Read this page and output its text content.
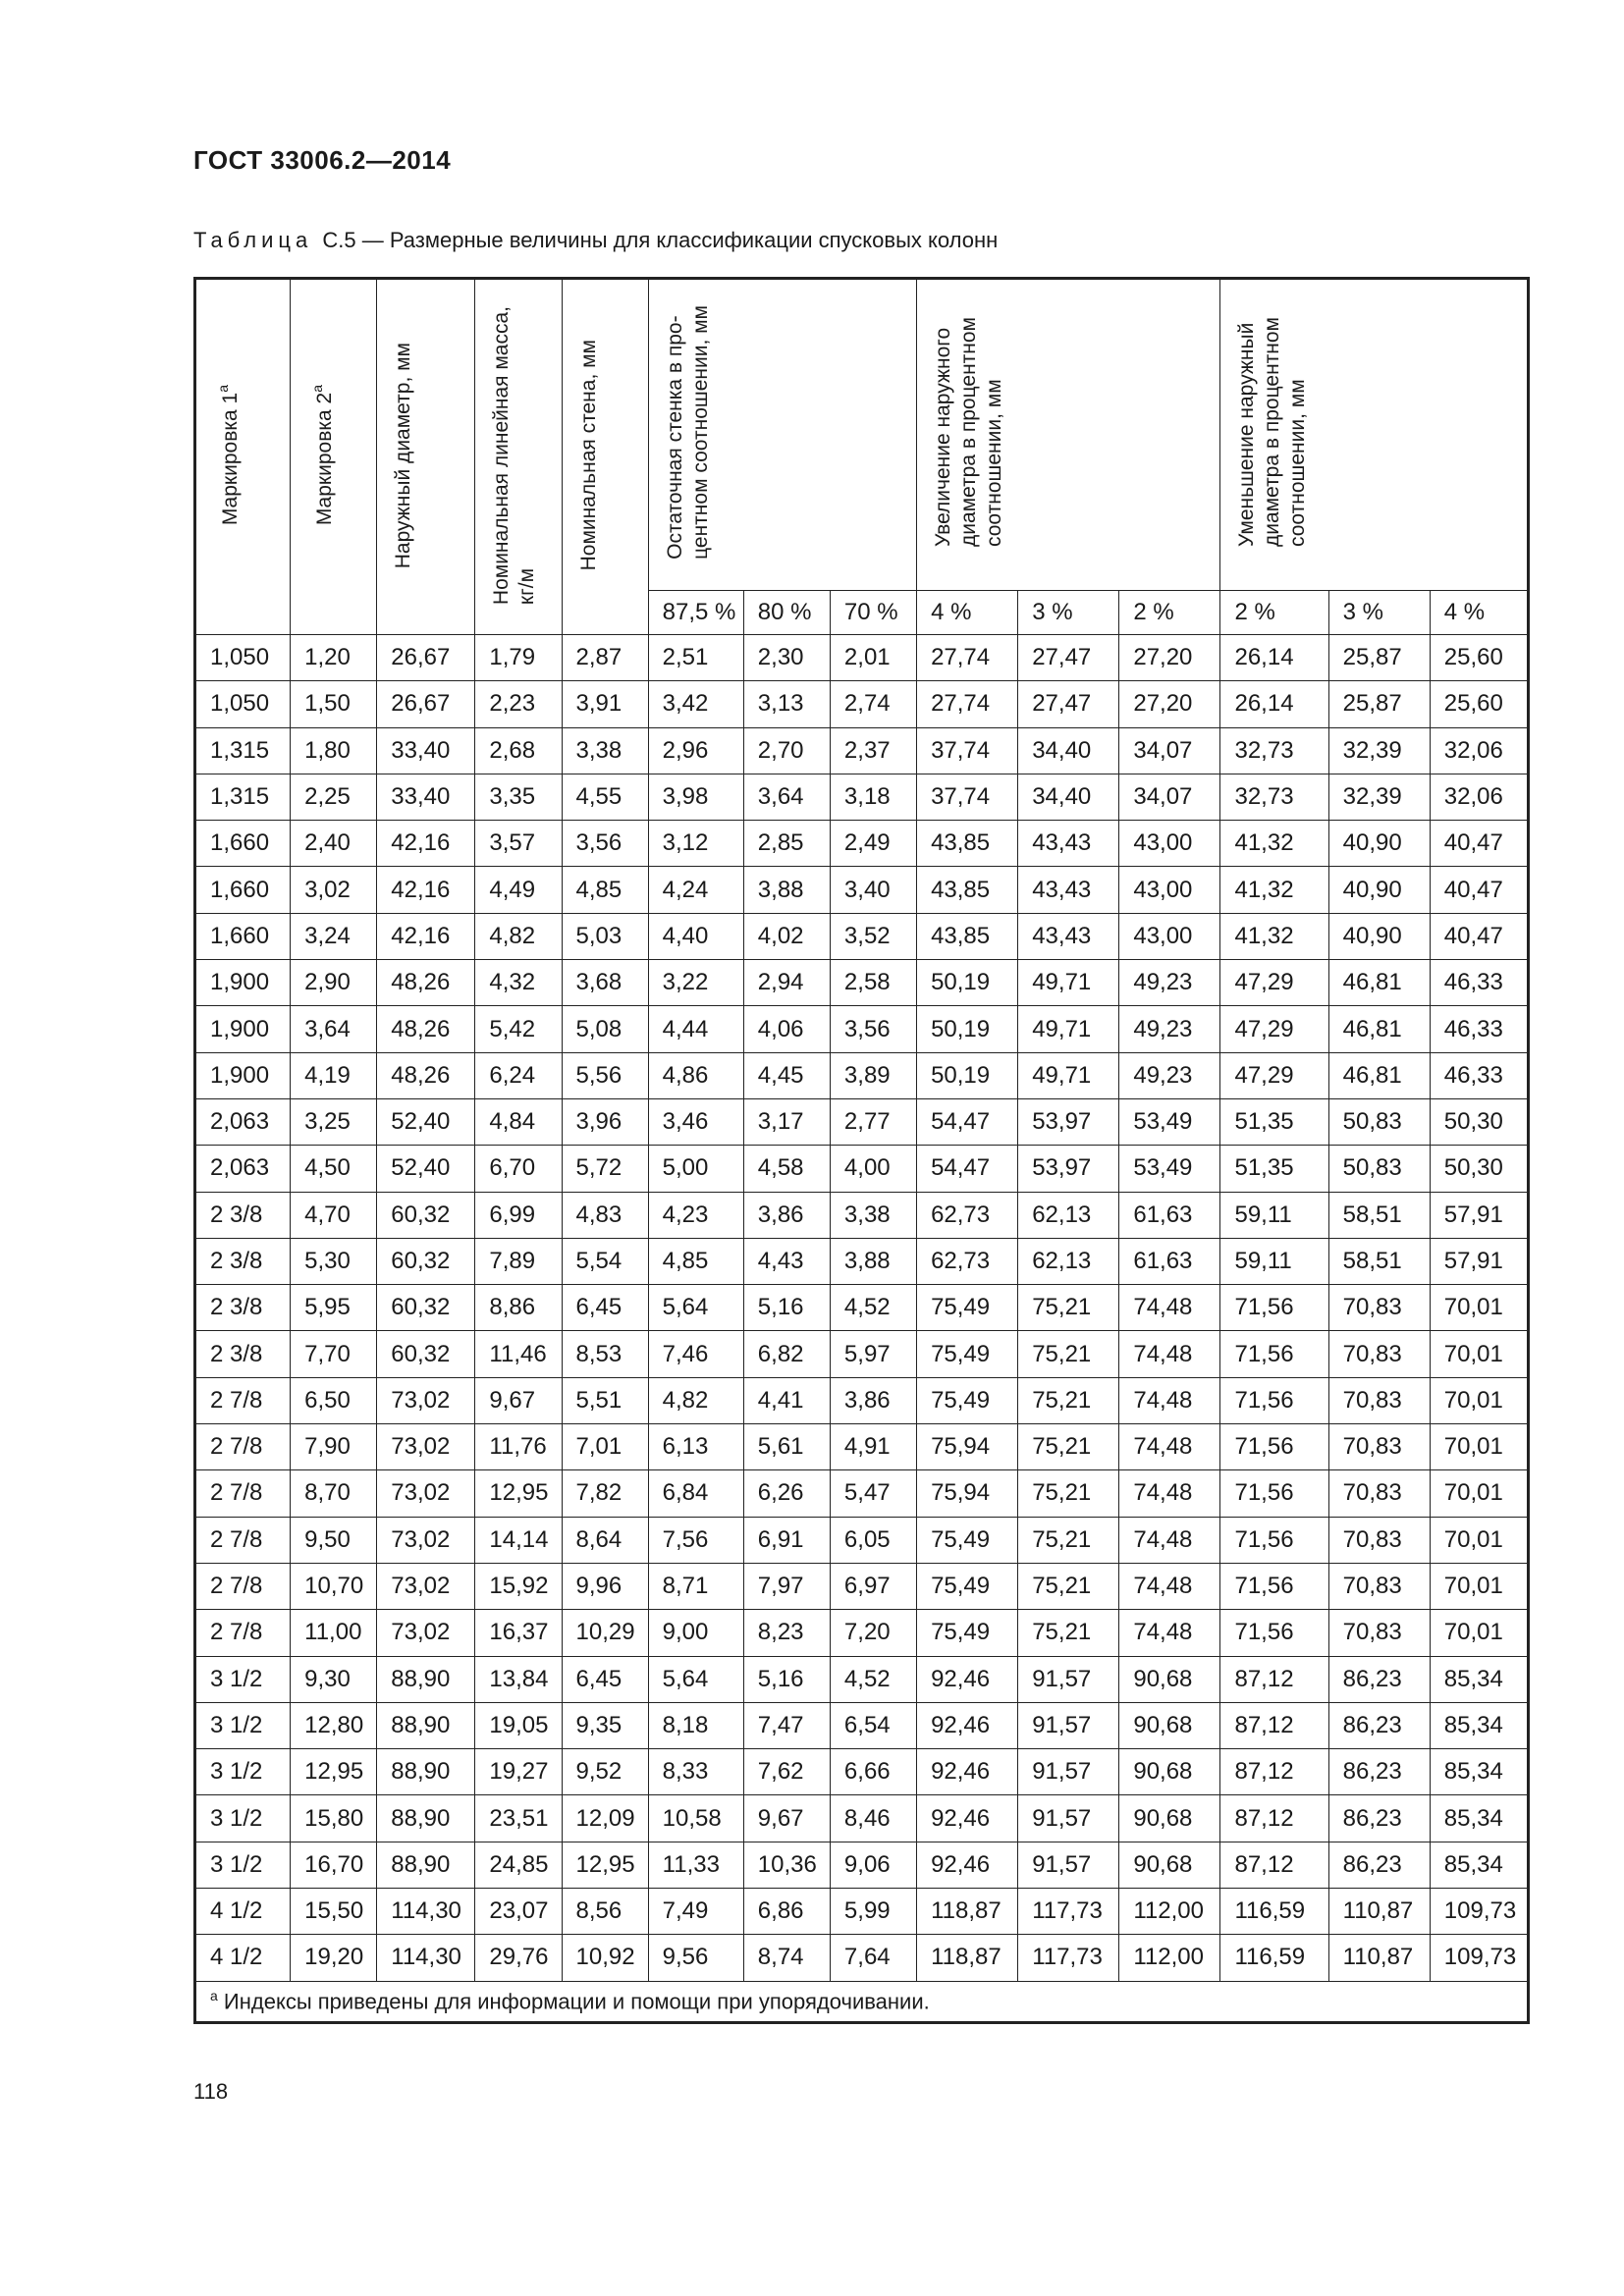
ГОСТ 33006.2—2014
Таблица С.5 — Размерные величины для классификации спусковых колонн
Маркировка 1$^a$	Маркировка 2$^a$	Наружный диаметр, мм	Номинальная линейная масса,
кг/м	Номинальная стена, мм	Остаточная стенка в про-
центном соотношении, мм			Увеличение наружного
диаметра в процентном
соотношении, мм			Уменьшение наружный
диаметра в процентном
соотношении, мм		
					87,5 %	80 %	70 %	4 %	3 %	2 %	2 %	3 %	4 %
1,050	1,20	26,67	1,79	2,87	2,51	2,30	2,01	27,74	27,47	27,20	26,14	25,87	25,60
1,050	1,50	26,67	2,23	3,91	3,42	3,13	2,74	27,74	27,47	27,20	26,14	25,87	25,60
1,315	1,80	33,40	2,68	3,38	2,96	2,70	2,37	37,74	34,40	34,07	32,73	32,39	32,06
1,315	2,25	33,40	3,35	4,55	3,98	3,64	3,18	37,74	34,40	34,07	32,73	32,39	32,06
1,660	2,40	42,16	3,57	3,56	3,12	2,85	2,49	43,85	43,43	43,00	41,32	40,90	40,47
1,660	3,02	42,16	4,49	4,85	4,24	3,88	3,40	43,85	43,43	43,00	41,32	40,90	40,47
1,660	3,24	42,16	4,82	5,03	4,40	4,02	3,52	43,85	43,43	43,00	41,32	40,90	40,47
1,900	2,90	48,26	4,32	3,68	3,22	2,94	2,58	50,19	49,71	49,23	47,29	46,81	46,33
1,900	3,64	48,26	5,42	5,08	4,44	4,06	3,56	50,19	49,71	49,23	47,29	46,81	46,33
1,900	4,19	48,26	6,24	5,56	4,86	4,45	3,89	50,19	49,71	49,23	47,29	46,81	46,33
2,063	3,25	52,40	4,84	3,96	3,46	3,17	2,77	54,47	53,97	53,49	51,35	50,83	50,30
2,063	4,50	52,40	6,70	5,72	5,00	4,58	4,00	54,47	53,97	53,49	51,35	50,83	50,30
2 3/8	4,70	60,32	6,99	4,83	4,23	3,86	3,38	62,73	62,13	61,63	59,11	58,51	57,91
2 3/8	5,30	60,32	7,89	5,54	4,85	4,43	3,88	62,73	62,13	61,63	59,11	58,51	57,91
2 3/8	5,95	60,32	8,86	6,45	5,64	5,16	4,52	75,49	75,21	74,48	71,56	70,83	70,01
2 3/8	7,70	60,32	11,46	8,53	7,46	6,82	5,97	75,49	75,21	74,48	71,56	70,83	70,01
2 7/8	6,50	73,02	9,67	5,51	4,82	4,41	3,86	75,49	75,21	74,48	71,56	70,83	70,01
2 7/8	7,90	73,02	11,76	7,01	6,13	5,61	4,91	75,94	75,21	74,48	71,56	70,83	70,01
2 7/8	8,70	73,02	12,95	7,82	6,84	6,26	5,47	75,94	75,21	74,48	71,56	70,83	70,01
2 7/8	9,50	73,02	14,14	8,64	7,56	6,91	6,05	75,49	75,21	74,48	71,56	70,83	70,01
2 7/8	10,70	73,02	15,92	9,96	8,71	7,97	6,97	75,49	75,21	74,48	71,56	70,83	70,01
2 7/8	11,00	73,02	16,37	10,29	9,00	8,23	7,20	75,49	75,21	74,48	71,56	70,83	70,01
3 1/2	9,30	88,90	13,84	6,45	5,64	5,16	4,52	92,46	91,57	90,68	87,12	86,23	85,34
3 1/2	12,80	88,90	19,05	9,35	8,18	7,47	6,54	92,46	91,57	90,68	87,12	86,23	85,34
3 1/2	12,95	88,90	19,27	9,52	8,33	7,62	6,66	92,46	91,57	90,68	87,12	86,23	85,34
3 1/2	15,80	88,90	23,51	12,09	10,58	9,67	8,46	92,46	91,57	90,68	87,12	86,23	85,34
3 1/2	16,70	88,90	24,85	12,95	11,33	10,36	9,06	92,46	91,57	90,68	87,12	86,23	85,34
4 1/2	15,50	114,30	23,07	8,56	7,49	6,86	5,99	118,87	117,73	112,00	116,59	110,87	109,73
4 1/2	19,20	114,30	29,76	10,92	9,56	8,74	7,64	118,87	117,73	112,00	116,59	110,87	109,73
$^a$ Индексы приведены для информации и помощи при упорядочивании.													
118
